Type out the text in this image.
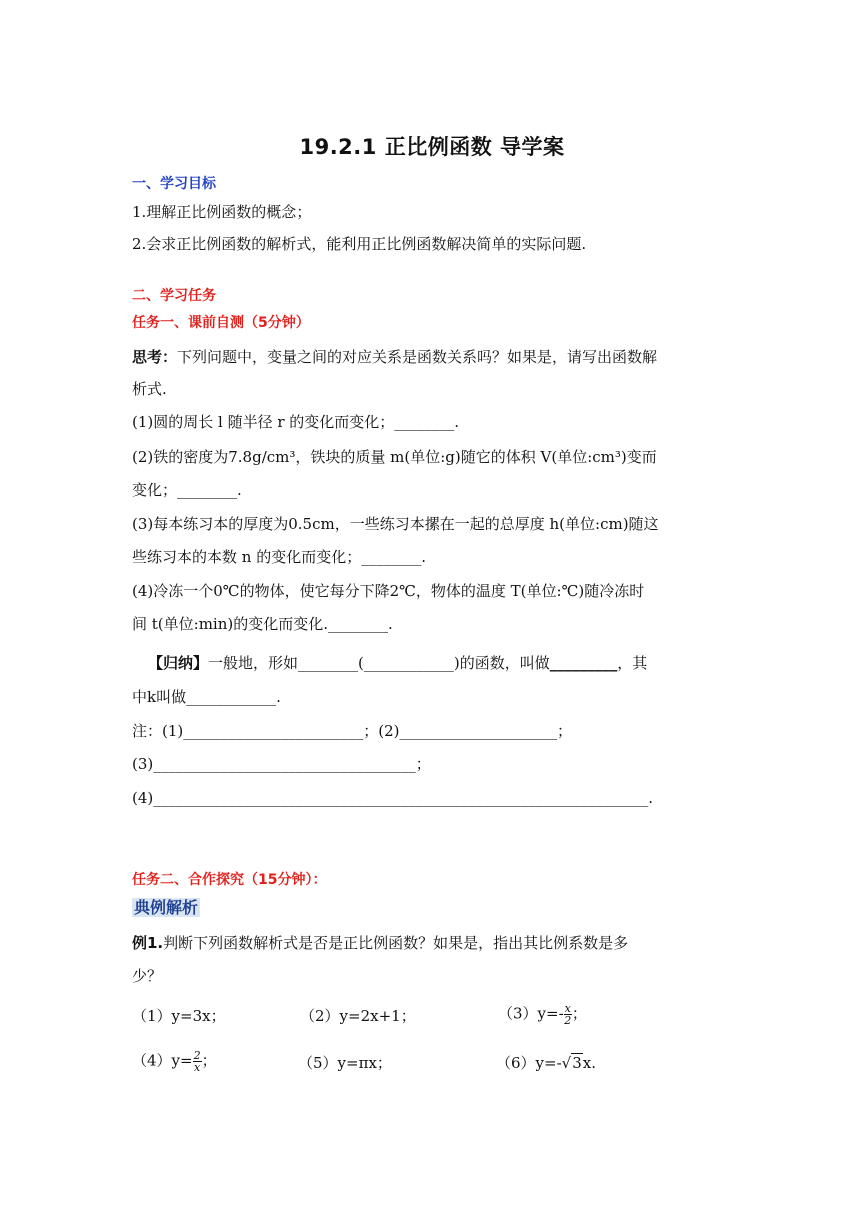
19.2.1 正比例函数 导学案
一、学习目标
1.理解正比例函数的概念；
2.会求正比例函数的解析式，能利用正比例函数解决简单的实际问题.
二、学习任务
任务一、课前自测（5分钟）
思考：下列问题中，变量之间的对应关系是函数关系吗？如果是，请写出函数解
析式.
(1)圆的周长 l 随半径 r 的变化而变化；________.
(2)铁的密度为7.8g/cm³，铁块的质量 m(单位:g)随它的体积 V(单位:cm³)变而
变化；________.
(3)每本练习本的厚度为0.5cm，一些练习本摞在一起的总厚度 h(单位:cm)随这
些练习本的本数 n 的变化而变化；________.
(4)冷冻一个0℃的物体，使它每分下降2℃，物体的温度 T(单位:℃)随冷冻时
间 t(单位:min)的变化而变化.________.
【归纳】一般地，形如________(____________)的函数，叫做_________，其
中k叫做____________.
注：(1)________________________；(2)_____________________；
(3)___________________________________；
(4)__________________________________________________________________.
任务二、合作探究（15分钟）：
典例解析
例1.判断下列函数解析式是否是正比例函数？如果是，指出其比例系数是多
少？
（1）y=3x；	（2）y=2x+1；	$(3)y=- \frac{x}{2}$ ；
$(4)y= \frac{2}{x}$ ；	（5）y=πx；	（6）y=-√3x.
